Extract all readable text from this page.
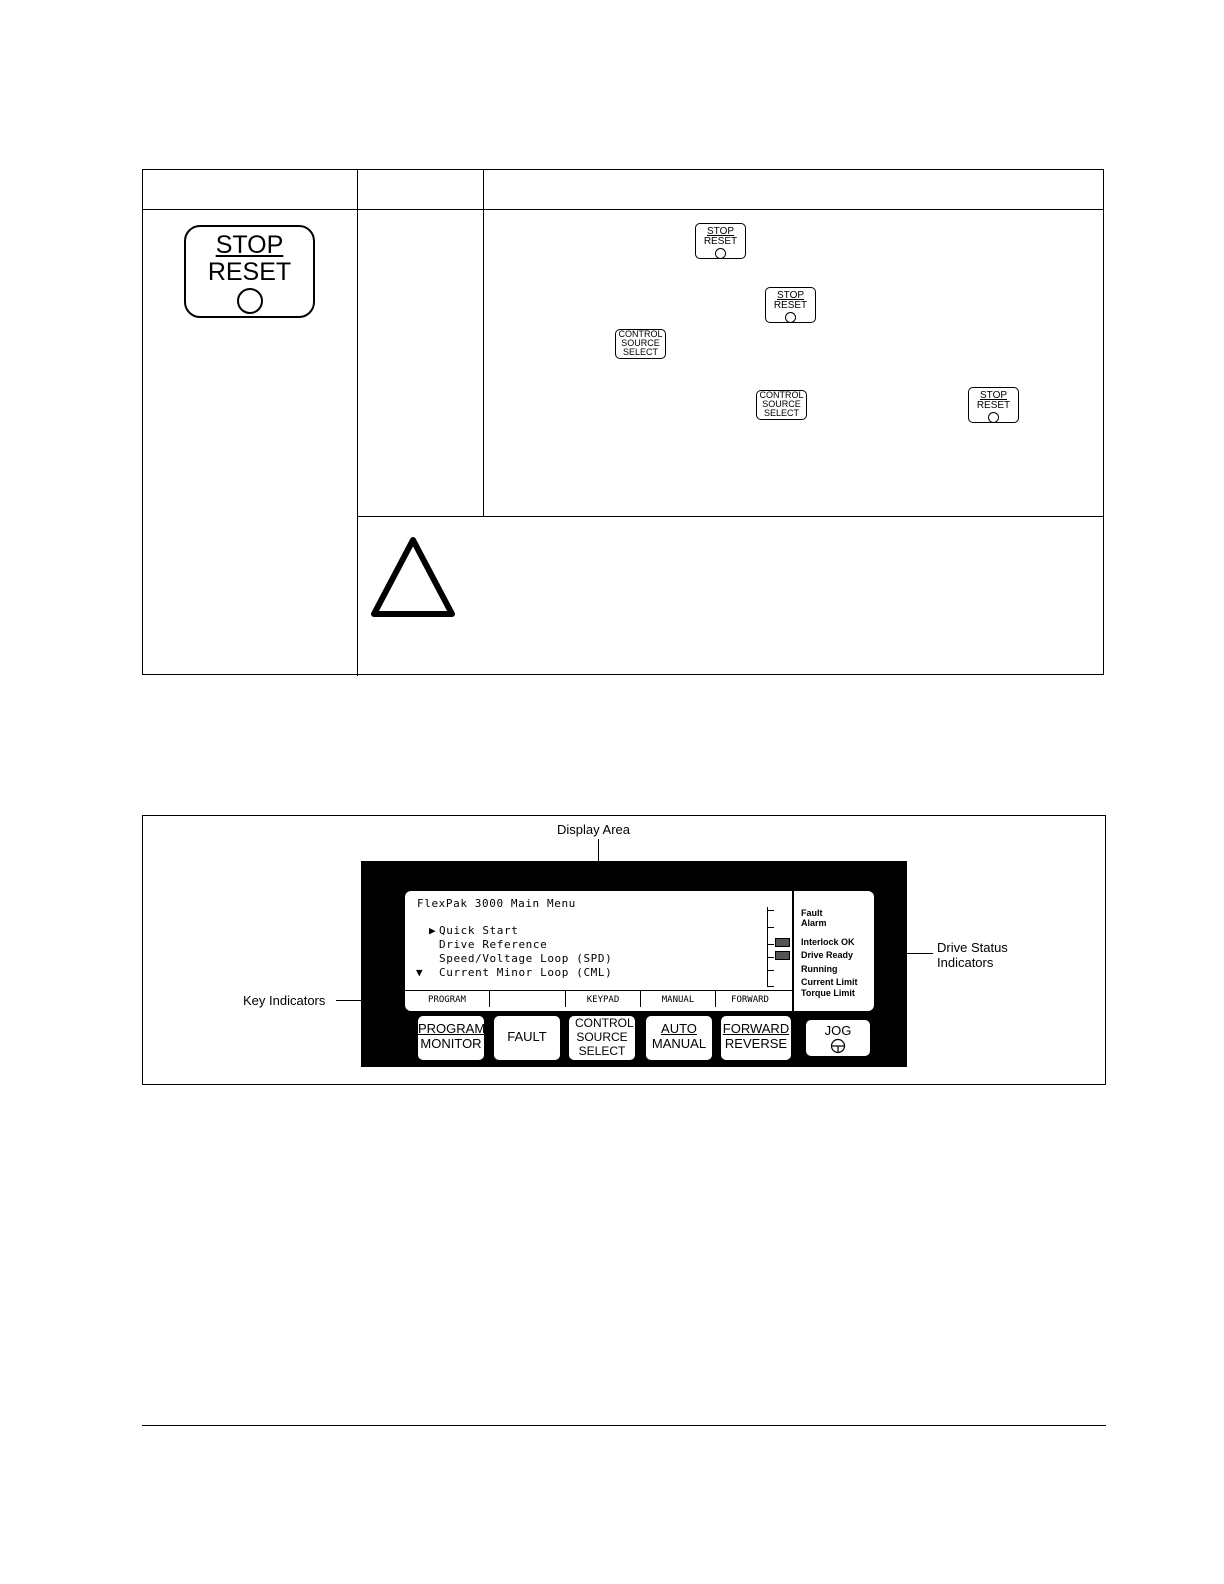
STOP
RESET
STOP
RESET
STOP
RESET
CONTROL
SOURCE
SELECT
CONTROL
SOURCE
SELECT
STOP
RESET
Display Area
Key Indicators
Drive Status
Indicators
FlexPak 3000 Main Menu
▶ Quick Start
Drive Reference
Speed/Voltage Loop (SPD)
▼ Current Minor Loop (CML)
PROGRAM	KEYPAD	MANUAL	FORWARD
Fault
Alarm
Interlock OK
Drive Ready
Running
Current Limit
Torque Limit
PROGRAM
MONITOR	FAULT
CONTROL SOURCE SELECT
AUTO
MANUAL
FORWARD
REVERSE
JOG
